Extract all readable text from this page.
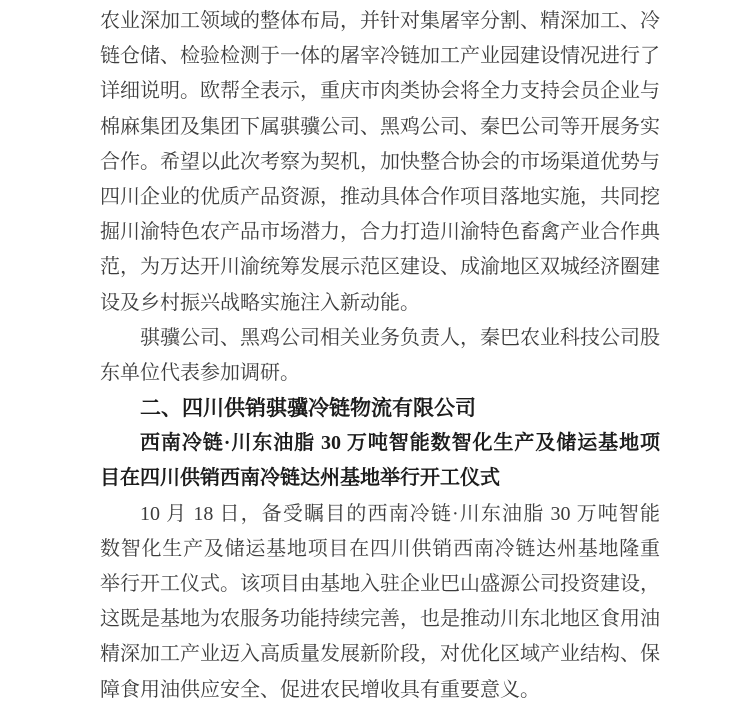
农业深加工领域的整体布局，并针对集屠宰分割、精深加工、冷
链仓储、检验检测于一体的屠宰冷链加工产业园建设情况进行了
详细说明。欧帮全表示，重庆市肉类协会将全力支持会员企业与
棉麻集团及集团下属骐骥公司、黑鸡公司、秦巴公司等开展务实
合作。希望以此次考察为契机，加快整合协会的市场渠道优势与
四川企业的优质产品资源，推动具体合作项目落地实施，共同挖
掘川渝特色农产品市场潜力，合力打造川渝特色畜禽产业合作典
范，为万达开川渝统筹发展示范区建设、成渝地区双城经济圈建
设及乡村振兴战略实施注入新动能。
骐骥公司、黑鸡公司相关业务负责人，秦巴农业科技公司股
东单位代表参加调研。
二、四川供销骐骥冷链物流有限公司
西南冷链·川东油脂 30 万吨智能数智化生产及储运基地项
目在四川供销西南冷链达州基地举行开工仪式
10 月 18 日，备受瞩目的西南冷链·川东油脂 30 万吨智能
数智化生产及储运基地项目在四川供销西南冷链达州基地隆重
举行开工仪式。该项目由基地入驻企业巴山盛源公司投资建设，
这既是基地为农服务功能持续完善，也是推动川东北地区食用油
精深加工产业迈入高质量发展新阶段，对优化区域产业结构、保
障食用油供应安全、促进农民增收具有重要意义。
